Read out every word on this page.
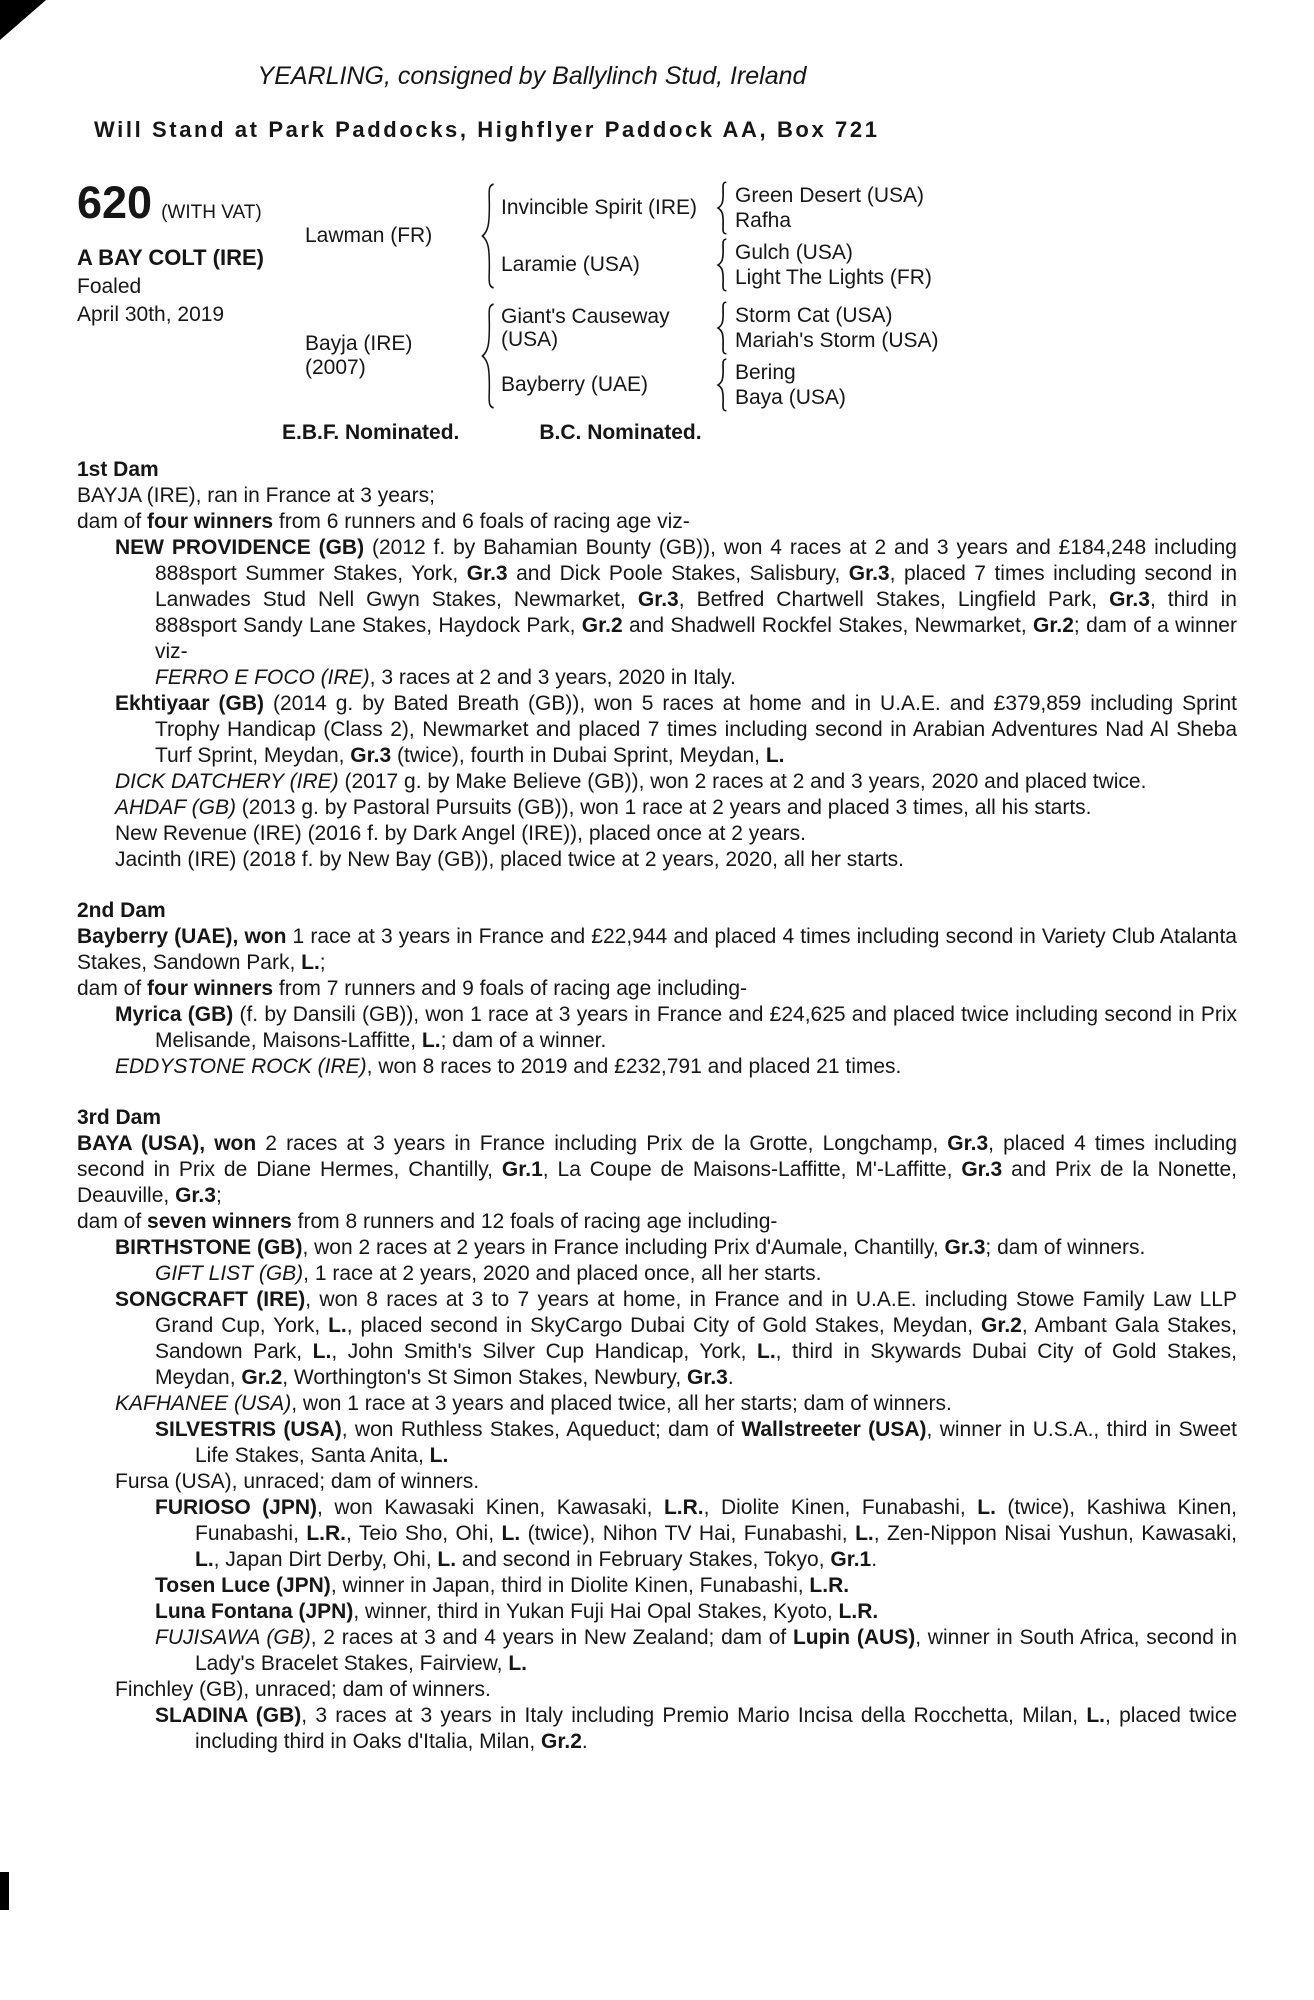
YEARLING, consigned by Ballylinch Stud, Ireland
Will Stand at Park Paddocks, Highflyer Paddock AA, Box 721
620 (WITH VAT)
A BAY COLT (IRE)
Foaled
April 30th, 2019
Lawman (FR)
Invincible Spirit (IRE)
Green Desert (USA)
Rafha
Laramie (USA)
Gulch (USA)
Light The Lights (FR)
Bayja (IRE)
(2007)
Giant's Causeway (USA)
Storm Cat (USA)
Mariah's Storm (USA)
Bayberry (UAE)
Bering
Baya (USA)
E.B.F. Nominated.	B.C. Nominated.
1st Dam

BAYJA (IRE), ran in France at 3 years;

dam of four winners from 6 runners and 6 foals of racing age viz-

NEW PROVIDENCE (GB) (2012 f. by Bahamian Bounty (GB)), won 4 races at 2 and 3 years and £184,248 including 888sport Summer Stakes, York, Gr.3 and Dick Poole Stakes, Salisbury, Gr.3, placed 7 times including second in Lanwades Stud Nell Gwyn Stakes, Newmarket, Gr.3, Betfred Chartwell Stakes, Lingfield Park, Gr.3, third in 888sport Sandy Lane Stakes, Haydock Park, Gr.2 and Shadwell Rockfel Stakes, Newmarket, Gr.2; dam of a winner viz-

FERRO E FOCO (IRE), 3 races at 2 and 3 years, 2020 in Italy.

Ekhtiyaar (GB) (2014 g. by Bated Breath (GB)), won 5 races at home and in U.A.E. and £379,859 including Sprint Trophy Handicap (Class 2), Newmarket and placed 7 times including second in Arabian Adventures Nad Al Sheba Turf Sprint, Meydan, Gr.3 (twice), fourth in Dubai Sprint, Meydan, L.

DICK DATCHERY (IRE) (2017 g. by Make Believe (GB)), won 2 races at 2 and 3 years, 2020 and placed twice.

AHDAF (GB) (2013 g. by Pastoral Pursuits (GB)), won 1 race at 2 years and placed 3 times, all his starts.

New Revenue (IRE) (2016 f. by Dark Angel (IRE)), placed once at 2 years.

Jacinth (IRE) (2018 f. by New Bay (GB)), placed twice at 2 years, 2020, all her starts.

2nd Dam

Bayberry (UAE), won 1 race at 3 years in France and £22,944 and placed 4 times including second in Variety Club Atalanta Stakes, Sandown Park, L.;

dam of four winners from 7 runners and 9 foals of racing age including-

Myrica (GB) (f. by Dansili (GB)), won 1 race at 3 years in France and £24,625 and placed twice including second in Prix Melisande, Maisons-Laffitte, L.; dam of a winner.

EDDYSTONE ROCK (IRE), won 8 races to 2019 and £232,791 and placed 21 times.

3rd Dam

BAYA (USA), won 2 races at 3 years in France including Prix de la Grotte, Longchamp, Gr.3, placed 4 times including second in Prix de Diane Hermes, Chantilly, Gr.1, La Coupe de Maisons-Laffitte, M'-Laffitte, Gr.3 and Prix de la Nonette, Deauville, Gr.3;

dam of seven winners from 8 runners and 12 foals of racing age including-

BIRTHSTONE (GB), won 2 races at 2 years in France including Prix d'Aumale, Chantilly, Gr.3; dam of winners.

GIFT LIST (GB), 1 race at 2 years, 2020 and placed once, all her starts.

SONGCRAFT (IRE), won 8 races at 3 to 7 years at home, in France and in U.A.E. including Stowe Family Law LLP Grand Cup, York, L., placed second in SkyCargo Dubai City of Gold Stakes, Meydan, Gr.2, Ambant Gala Stakes, Sandown Park, L., John Smith's Silver Cup Handicap, York, L., third in Skywards Dubai City of Gold Stakes, Meydan, Gr.2, Worthington's St Simon Stakes, Newbury, Gr.3.

KAFHANEE (USA), won 1 race at 3 years and placed twice, all her starts; dam of winners.

SILVESTRIS (USA), won Ruthless Stakes, Aqueduct; dam of Wallstreeter (USA), winner in U.S.A., third in Sweet Life Stakes, Santa Anita, L.

Fursa (USA), unraced; dam of winners.

FURIOSO (JPN), won Kawasaki Kinen, Kawasaki, L.R., Diolite Kinen, Funabashi, L. (twice), Kashiwa Kinen, Funabashi, L.R., Teio Sho, Ohi, L. (twice), Nihon TV Hai, Funabashi, L., Zen-Nippon Nisai Yushun, Kawasaki, L., Japan Dirt Derby, Ohi, L. and second in February Stakes, Tokyo, Gr.1.

Tosen Luce (JPN), winner in Japan, third in Diolite Kinen, Funabashi, L.R.

Luna Fontana (JPN), winner, third in Yukan Fuji Hai Opal Stakes, Kyoto, L.R.

FUJISAWA (GB), 2 races at 3 and 4 years in New Zealand; dam of Lupin (AUS), winner in South Africa, second in Lady's Bracelet Stakes, Fairview, L.

Finchley (GB), unraced; dam of winners.

SLADINA (GB), 3 races at 3 years in Italy including Premio Mario Incisa della Rocchetta, Milan, L., placed twice including third in Oaks d'Italia, Milan, Gr.2.
